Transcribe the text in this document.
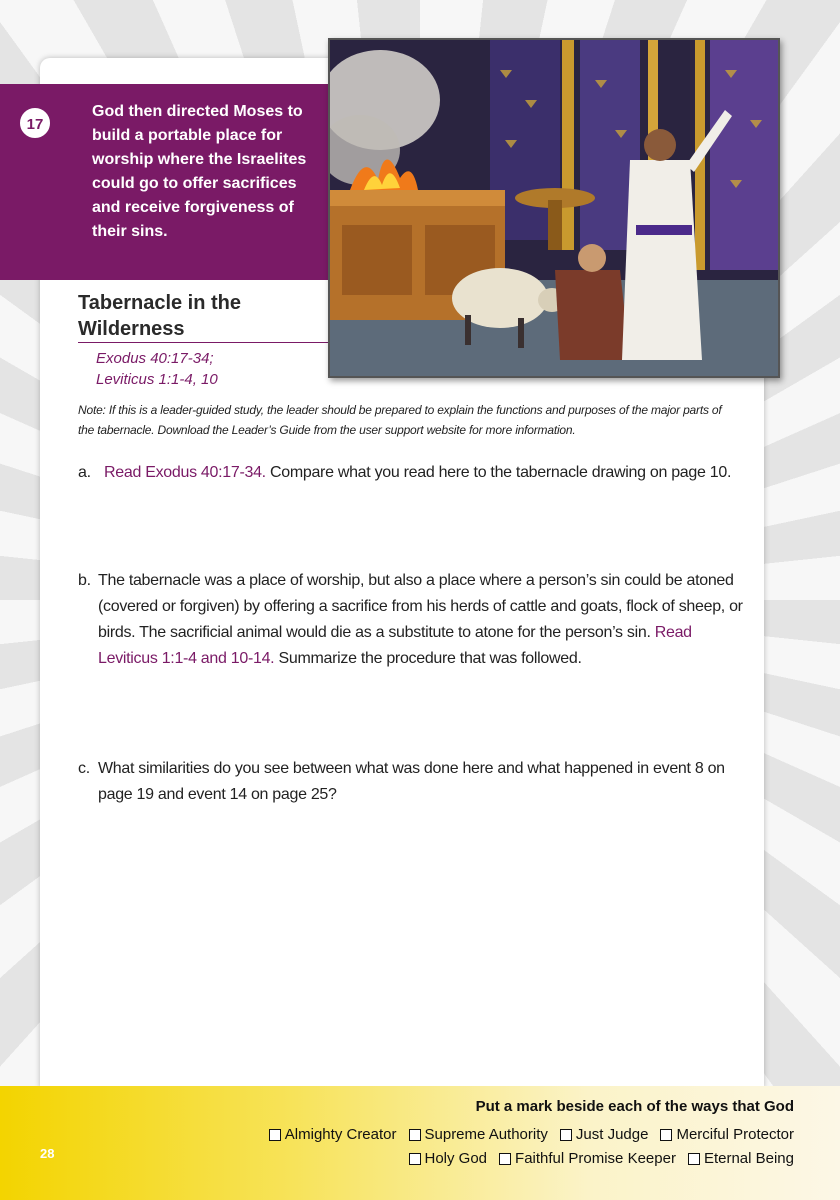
17

God then directed Moses to build a portable place for worship where the Israelites could go to offer sacrifices and receive forgiveness of their sins.

Tabernacle in the Wilderness
Exodus 40:17-34;
Leviticus 1:1-4, 10

Note: If this is a leader-guided study, the leader should be prepared to explain the functions and purposes of the major parts of the tabernacle. Download the Leader’s Guide from the user support website for more information.

a. Read Exodus 40:17-34. Compare what you read here to the tabernacle drawing on page 10.

b. The tabernacle was a place of worship, but also a place where a person’s sin could be atoned (covered or forgiven) by offering a sacrifice from his herds of cattle and goats, flock of sheep, or birds. The sacrificial animal would die as a substitute to atone for the person’s sin. Read Leviticus 1:1-4 and 10-14. Summarize the procedure that was followed.

c. What similarities do you see between what was done here and what happened in event 8 on page 19 and event 14 on page 25?

28
Put a mark beside each of the ways that God
Almighty Creator Supreme Authority Just Judge Merciful Protector
Holy God Faithful Promise Keeper Eternal Being
